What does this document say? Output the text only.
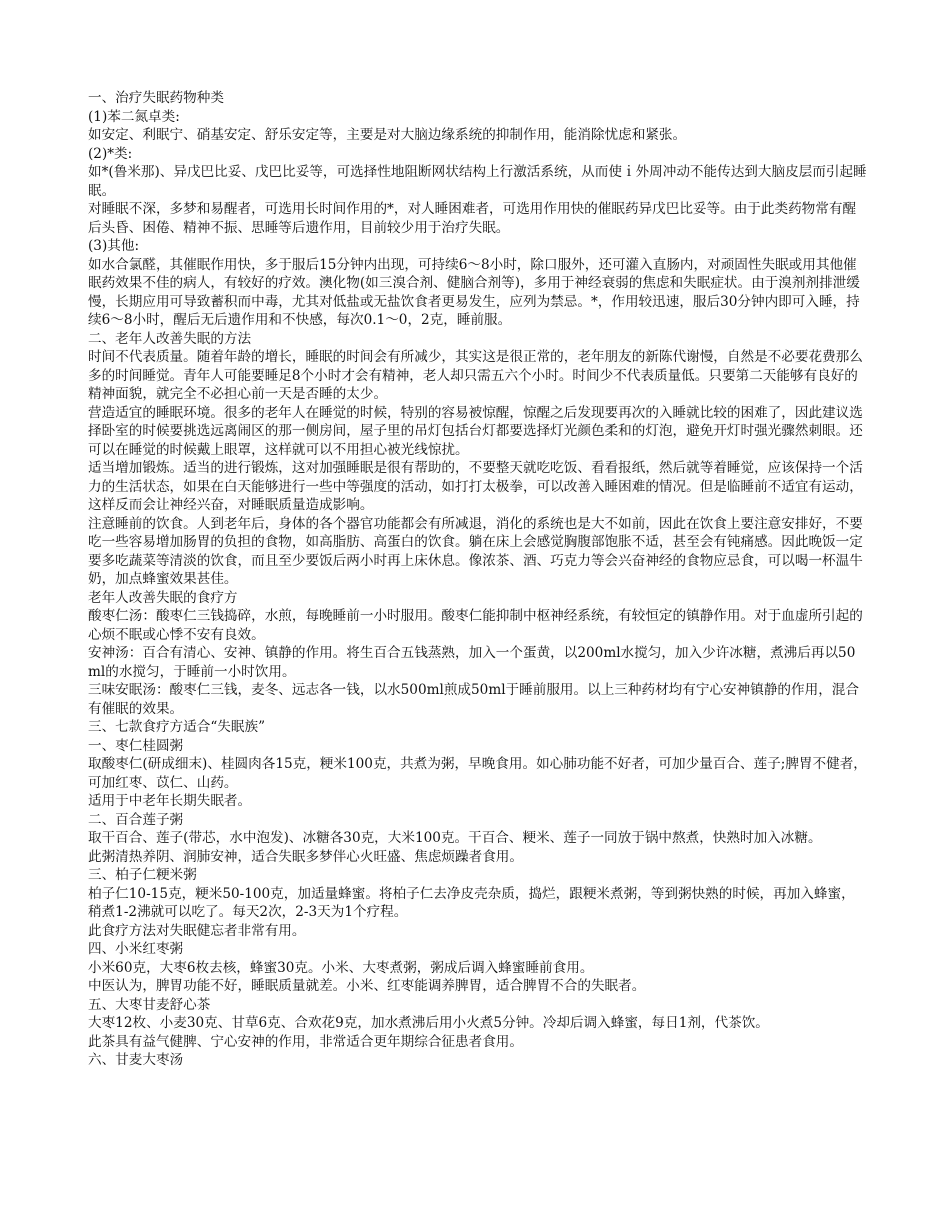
一、治疗失眠药物种类

(1)苯二氮卓类:

如安定、利眠宁、硝基安定、舒乐安定等，主要是对大脑边缘系统的抑制作用，能消除忧虑和紧张。

(2)*类:

如*(鲁米那)、异戊巴比妥、戊巴比妥等，可选择性地阻断网状结构上行激活系统，从而使ｉ外周冲动不能传达到大脑皮层而引起睡眠。

对睡眠不深，多梦和易醒者，可选用长时间作用的*，对人睡困难者，可选用作用快的催眠药异戊巴比妥等。由于此类药物常有醒后头昏、困倦、精神不振、思睡等后遗作用，目前较少用于治疗失眠。

(3)其他:

如水合氯醛，其催眠作用快，多于服后15分钟内出现，可持续6～8小时，除口服外，还可灌入直肠内，对顽固性失眠或用其他催眠药效果不佳的病人，有较好的疗效。澳化物(如三溴合剂、健脑合剂等)，多用于神经衰弱的焦虑和失眠症状。由于溴剂剂排泄缓慢，长期应用可导致蓄积而中毒，尤其对低盐或无盐饮食者更易发生，应列为禁忌。*，作用较迅速，服后30分钟内即可入睡，持续6～8小时，醒后无后遗作用和不快感，每次0.1～0，2克，睡前服。

二、老年人改善失眠的方法

时间不代表质量。随着年龄的增长，睡眠的时间会有所减少，其实这是很正常的，老年朋友的新陈代谢慢，自然是不必要花费那么多的时间睡觉。青年人可能要睡足8个小时才会有精神，老人却只需五六个小时。时间少不代表质量低。只要第二天能够有良好的精神面貌，就完全不必担心前一天是否睡的太少。

营造适宜的睡眠环境。很多的老年人在睡觉的时候，特别的容易被惊醒，惊醒之后发现要再次的入睡就比较的困难了，因此建议选择卧室的时候要挑选远离闹区的那一侧房间，屋子里的吊灯包括台灯都要选择灯光颜色柔和的灯泡，避免开灯时强光骤然刺眼。还可以在睡觉的时候戴上眼罩，这样就可以不用担心被光线惊扰。

适当增加锻炼。适当的进行锻炼，这对加强睡眠是很有帮助的，不要整天就吃吃饭、看看报纸，然后就等着睡觉，应该保持一个活力的生活状态，如果在白天能够进行一些中等强度的活动，如打打太极拳，可以改善入睡困难的情况。但是临睡前不适宜有运动，这样反而会让神经兴奋，对睡眠质量造成影响。

注意睡前的饮食。人到老年后，身体的各个器官功能都会有所减退，消化的系统也是大不如前，因此在饮食上要注意安排好，不要吃一些容易增加肠胃的负担的食物，如高脂肪、高蛋白的饮食。躺在床上会感觉胸腹部饱胀不适，甚至会有钝痛感。因此晚饭一定要多吃蔬菜等清淡的饮食，而且至少要饭后两小时再上床休息。像浓茶、酒、巧克力等会兴奋神经的食物应忌食，可以喝一杯温牛奶，加点蜂蜜效果甚佳。

老年人改善失眠的食疗方

酸枣仁汤：酸枣仁三钱捣碎，水煎，每晚睡前一小时服用。酸枣仁能抑制中枢神经系统，有较恒定的镇静作用。对于血虚所引起的心烦不眠或心悸不安有良效。

安神汤：百合有清心、安神、镇静的作用。将生百合五钱蒸熟，加入一个蛋黄，以200ml水搅匀，加入少许冰糖，煮沸后再以50ml的水搅匀，于睡前一小时饮用。

三味安眠汤：酸枣仁三钱，麦冬、远志各一钱，以水500ml煎成50ml于睡前服用。以上三种药材均有宁心安神镇静的作用，混合有催眠的效果。

三、七款食疗方适合“失眠族”

一、枣仁桂圆粥

取酸枣仁(研成细末)、桂圆肉各15克，粳米100克，共煮为粥，早晚食用。如心肺功能不好者，可加少量百合、莲子;脾胃不健者，可加红枣、苡仁、山药。

适用于中老年长期失眠者。

二、百合莲子粥

取干百合、莲子(带芯，水中泡发)、冰糖各30克，大米100克。干百合、粳米、莲子一同放于锅中熬煮，快熟时加入冰糖。

此粥清热养阴、润肺安神，适合失眠多梦伴心火旺盛、焦虑烦躁者食用。

三、柏子仁粳米粥

柏子仁10-15克，粳米50-100克，加适量蜂蜜。将柏子仁去净皮壳杂质，捣烂，跟粳米煮粥，等到粥快熟的时候，再加入蜂蜜，稍煮1-2沸就可以吃了。每天2次，2-3天为1个疗程。

此食疗方法对失眠健忘者非常有用。

四、小米红枣粥

小米60克，大枣6枚去核，蜂蜜30克。小米、大枣煮粥，粥成后调入蜂蜜睡前食用。

中医认为，脾胃功能不好，睡眠质量就差。小米、红枣能调养脾胃，适合脾胃不合的失眠者。

五、大枣甘麦舒心茶

大枣12枚、小麦30克、甘草6克、合欢花9克，加水煮沸后用小火煮5分钟。冷却后调入蜂蜜，每日1剂，代茶饮。

此茶具有益气健脾、宁心安神的作用，非常适合更年期综合征患者食用。

六、甘麦大枣汤
